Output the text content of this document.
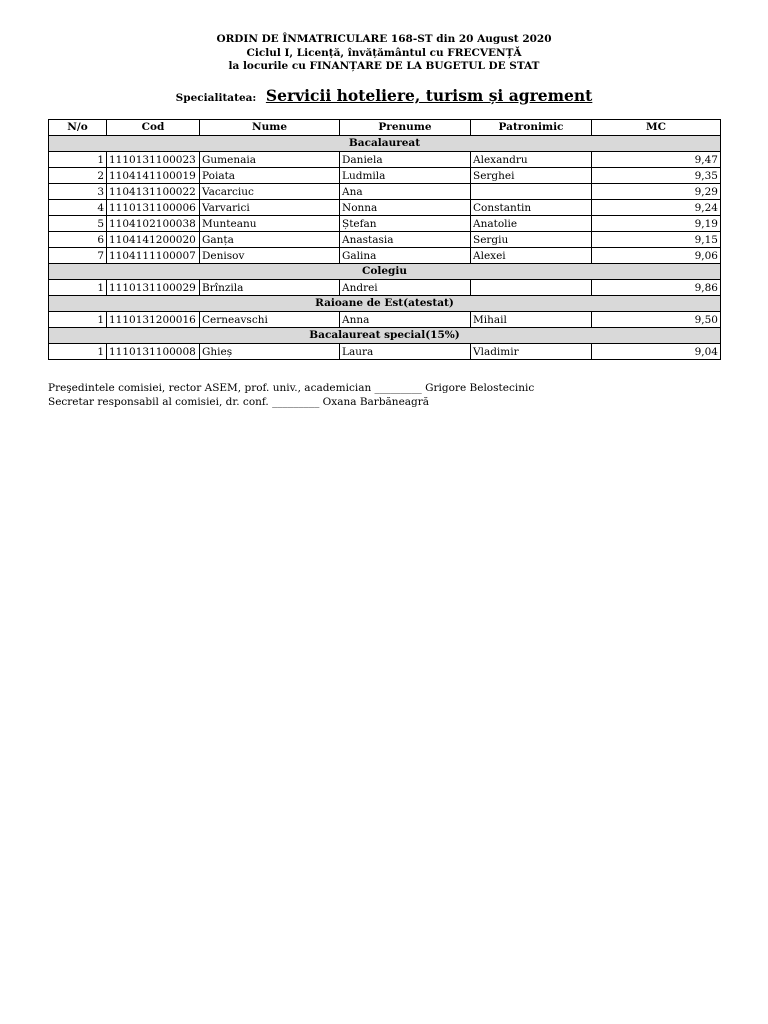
ORDIN DE ÎNMATRICULARE 168-ST din 20 August 2020
Ciclul I, Licență, învățământul cu FRECVENȚĂ
la locurile cu FINANȚARE DE LA BUGETUL DE STAT
Specialitatea: Servicii hoteliere, turism și agrement
N/o	Cod	Nume	Prenume	Patronimic	MC
Bacalaureat					
1	1110131100023	Gumenaia	Daniela	Alexandru	9,47
2	1104141100019	Poiata	Ludmila	Serghei	9,35
3	1104131100022	Vacarciuc	Ana		9,29
4	1110131100006	Varvarici	Nonna	Constantin	9,24
5	1104102100038	Munteanu	Ștefan	Anatolie	9,19
6	1104141200020	Ganța	Anastasia	Sergiu	9,15
7	1104111100007	Denisov	Galina	Alexei	9,06
Colegiu					
1	1110131100029	Brînzila	Andrei		9,86
Raioane de Est(atestat)					
1	1110131200016	Cerneavschi	Anna	Mihail	9,50
Bacalaureat special(15%)					
1	1110131100008	Ghieș	Laura	Vladimir	9,04
Preşedintele comisiei, rector ASEM, prof. univ., academician _________ Grigore Belostecinic
Secretar responsabil al comisiei, dr. conf. _________ Oxana Barbăneagră
